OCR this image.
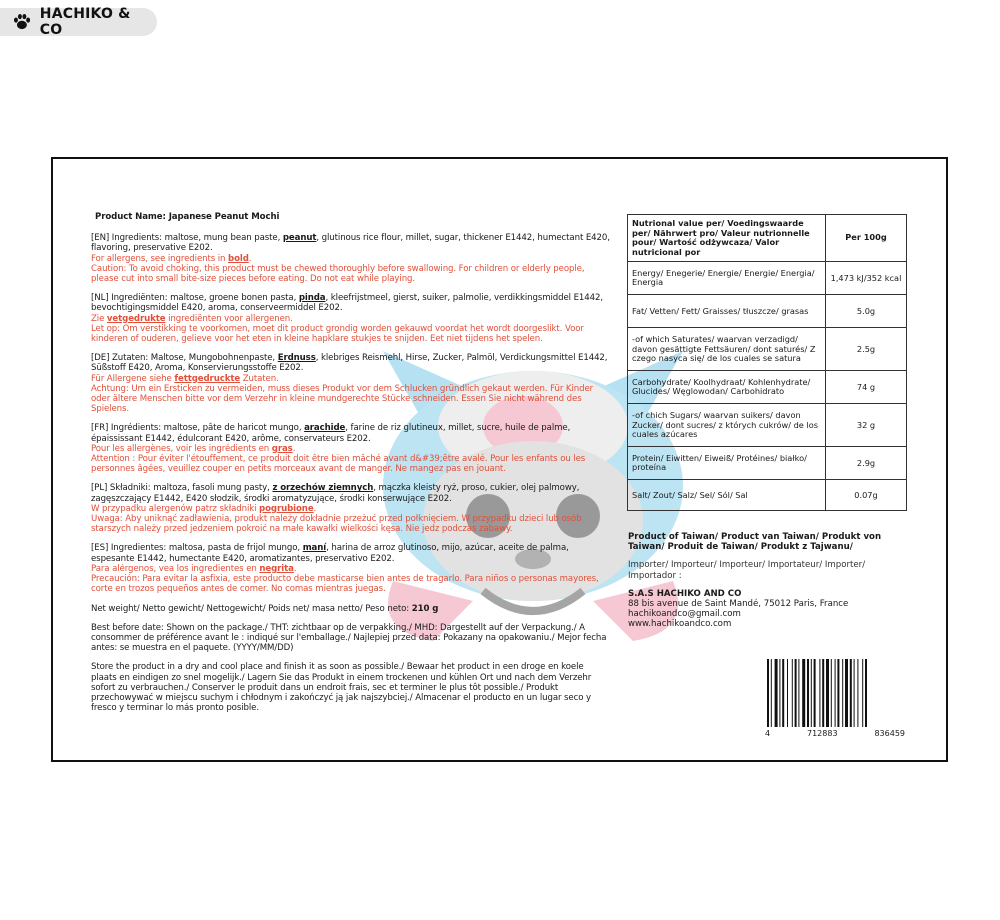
HACHIKO & CO
Product Name: Japanese Peanut Mochi
[EN] Ingredients: maltose, mung bean paste, peanut, glutinous rice flour, millet, sugar, thickener E1442, humectant E420, flavoring, preservative E202.
For allergens, see ingredients in bold.
Caution: To avoid choking, this product must be chewed thoroughly before swallowing. For children or elderly people, please cut into small bite-size pieces before eating. Do not eat while playing.
[NL] Ingrediënten: maltose, groene bonen pasta, pinda, kleefrijstmeel, gierst, suiker, palmolie, verdikkingsmiddel E1442, bevochtigingsmiddel E420, aroma, conserveermiddel E202.
Zie vetgedrukte ingrediënten voor allergenen.
Let op: Om verstikking te voorkomen, moet dit product grondig worden gekauwd voordat het wordt doorgeslikt. Voor kinderen of ouderen, gelieve voor het eten in kleine hapklare stukjes te snijden. Eet niet tijdens het spelen.
[DE] Zutaten: Maltose, Mungobohnenpaste, Erdnuss, klebriges Reismehl, Hirse, Zucker, Palmöl, Verdickungsmittel E1442, Süßstoff E420, Aroma, Konservierungsstoffe E202.
Für Allergene siehe fettgedruckte Zutaten.
Achtung: Um ein Ersticken zu vermeiden, muss dieses Produkt vor dem Schlucken gründlich gekaut werden. Für Kinder oder ältere Menschen bitte vor dem Verzehr in kleine mundgerechte Stücke schneiden. Essen Sie nicht während des Spielens.
[FR] Ingrédients: maltose, pâte de haricot mungo, arachide, farine de riz glutineux, millet, sucre, huile de palme, épaississant E1442, édulcorant E420, arôme, conservateurs E202.
Pour les allergènes, voir les ingrédients en gras.
Attention : Pour éviter l'étouffement, ce produit doit être bien mâché avant d&#39;être avalé. Pour les enfants ou les personnes âgées, veuillez couper en petits morceaux avant de manger. Ne mangez pas en jouant.
[PL] Składniki: maltoza, fasoli mung pasty, z orzechów ziemnych, mączka kleisty ryż, proso, cukier, olej palmowy, zagęszczający E1442, E420 słodzik, środki aromatyzujące, środki konserwujące E202.
W przypadku alergenów patrz składniki pogrubione.
Uwaga: Aby uniknąć zadławienia, produkt należy dokładnie przeżuć przed połknięciem. W przypadku dzieci lub osób starszych należy przed jedzeniem pokroić na małe kawałki wielkości kęsa. Nie jedz podczas zabawy.
[ES] Ingredientes: maltosa, pasta de frijol mungo, maní, harina de arroz glutinoso, mijo, azúcar, aceite de palma, espesante E1442, humectante E420, aromatizantes, preservativo E202.
Para alérgenos, vea los ingredientes en negrita.
Precaución: Para evitar la asfixia, este producto debe masticarse bien antes de tragarlo. Para niños o personas mayores, corte en trozos pequeños antes de comer. No comas mientras juegas.
Net weight/ Netto gewicht/ Nettogewicht/ Poids net/ masa netto/ Peso neto: 210 g
Best before date: Shown on the package./ THT: zichtbaar op de verpakking./ MHD: Dargestellt auf der Verpackung./ A consommer de préférence avant le : indiqué sur l'emballage./ Najlepiej przed data: Pokazany na opakowaniu./ Mejor fecha antes: se muestra en el paquete. (YYYY/MM/DD)
Store the product in a dry and cool place and finish it as soon as possible./ Bewaar het product in een droge en koele plaats en eindigen zo snel mogelijk./ Lagern Sie das Produkt in einem trockenen und kühlen Ort und nach dem Verzehr sofort zu verbrauchen./ Conserver le produit dans un endroit frais, sec et terminer le plus tôt possible./ Produkt przechowywać w miejscu suchym i chłodnym i zakończyć ją jak najszybciej./ Almacenar el producto en un lugar seco y fresco y terminar lo más pronto posible.
Nutrional value per/ Voedingswaarde per/ Nährwert pro/ Valeur nutrionnelle pour/ Wartość odżywcaza/ Valor nutricional por	Per 100g
Energy/ Enegerie/ Energie/ Energie/ Energia/ Energia	1,473 kJ/352 kcal
Fat/ Vetten/ Fett/ Graisses/ tłuszcze/ grasas	5.0g
-of which Saturates/ waarvan verzadigd/ davon gesättigte Fettsäuren/ dont saturés/ Z czego nasyca się/ de los cuales se satura	2.5g
Carbohydrate/ Koolhydraat/ Kohlenhydrate/ Glucides/ Węglowodan/ Carbohidrato	74 g
-of chich Sugars/ waarvan suikers/ davon Zucker/ dont sucres/ z których cukrów/ de los cuales azúcares	32 g
Protein/ Eiwitten/ Eiweiß/ Protéines/ białko/ proteína	2.9g
Salt/ Zout/ Salz/ Sel/ Sól/ Sal	0.07g
Product of Taiwan/ Product van Taiwan/ Produkt von Taiwan/ Produit de Taiwan/ Produkt z Tajwanu/
Importer/ Importeur/ Importeur/ Importateur/ Importer/ Importador :
S.A.S HACHIKO AND CO
88 bis avenue de Saint Mandé, 75012 Paris, France
hachikoandco@gmail.com
www.hachikoandco.com
4	712883	836459
